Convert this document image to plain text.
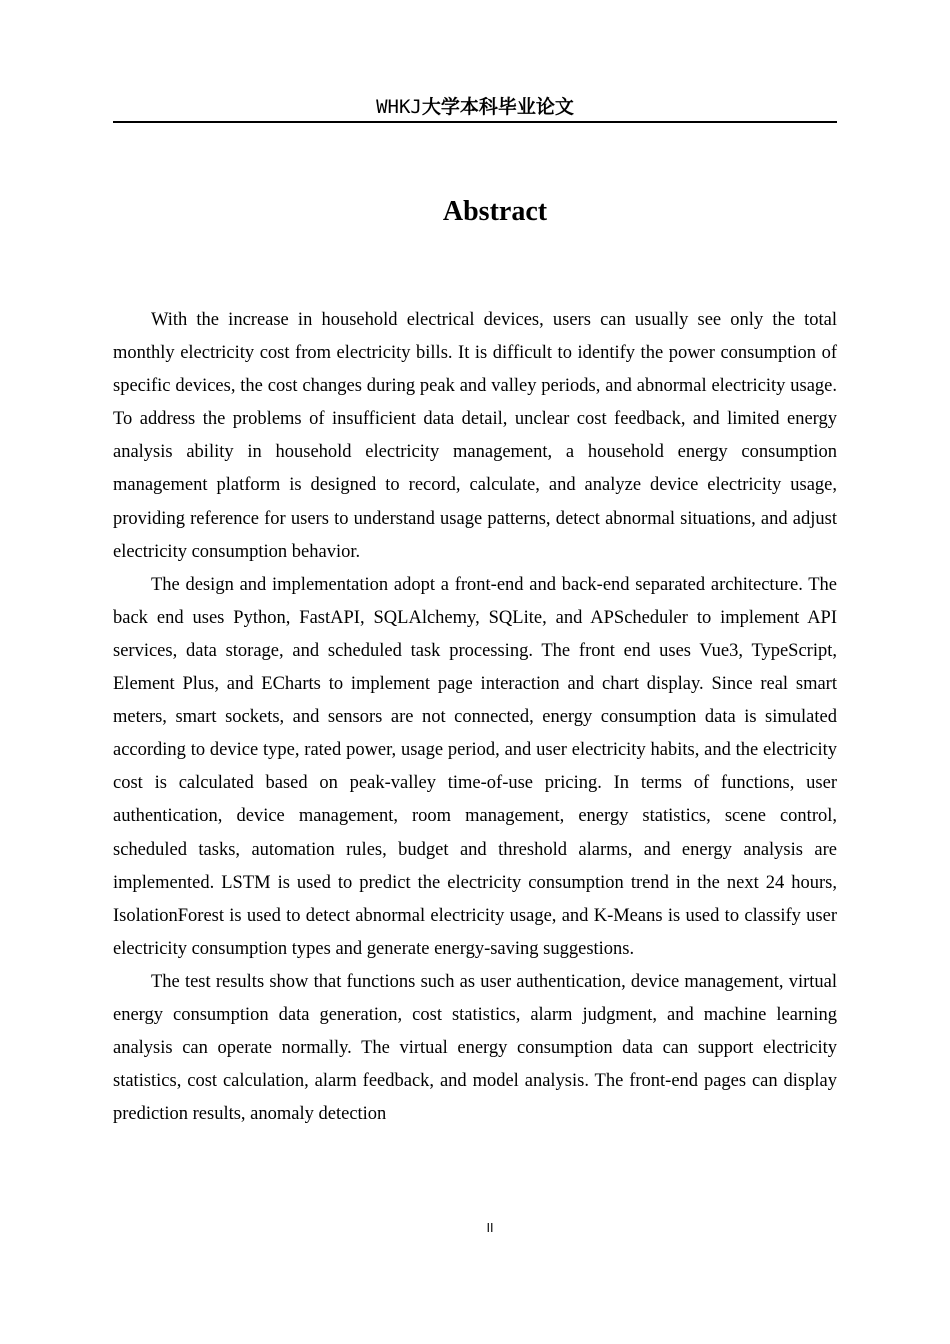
WHKJ大学本科毕业论文
Abstract

With the increase in household electrical devices, users can usually see only the total monthly electricity cost from electricity bills. It is difficult to identify the power consumption of specific devices, the cost changes during peak and valley periods, and abnormal electricity usage. To address the problems of insufficient data detail, unclear cost feedback, and limited energy analysis ability in household electricity management, a household energy consumption management platform is designed to record, calculate, and analyze device electricity usage, providing reference for users to understand usage patterns, detect abnormal situations, and adjust electricity consumption behavior.

The design and implementation adopt a front-end and back-end separated architecture. The back end uses Python, FastAPI, SQLAlchemy, SQLite, and APScheduler to implement API services, data storage, and scheduled task processing. The front end uses Vue3, TypeScript, Element Plus, and ECharts to implement page interaction and chart display. Since real smart meters, smart sockets, and sensors are not connected, energy consumption data is simulated according to device type, rated power, usage period, and user electricity habits, and the electricity cost is calculated based on peak-valley time-of-use pricing. In terms of functions, user authentication, device management, room management, energy statistics, scene control, scheduled tasks, automation rules, budget and threshold alarms, and energy analysis are implemented. LSTM is used to predict the electricity consumption trend in the next 24 hours, IsolationForest is used to detect abnormal electricity usage, and K-Means is used to classify user electricity consumption types and generate energy-saving suggestions.

The test results show that functions such as user authentication, device management, virtual energy consumption data generation, cost statistics, alarm judgment, and machine learning analysis can operate normally. The virtual energy consumption data can support electricity statistics, cost calculation, alarm feedback, and model analysis. The front-end pages can display prediction results, anomaly detection

II
